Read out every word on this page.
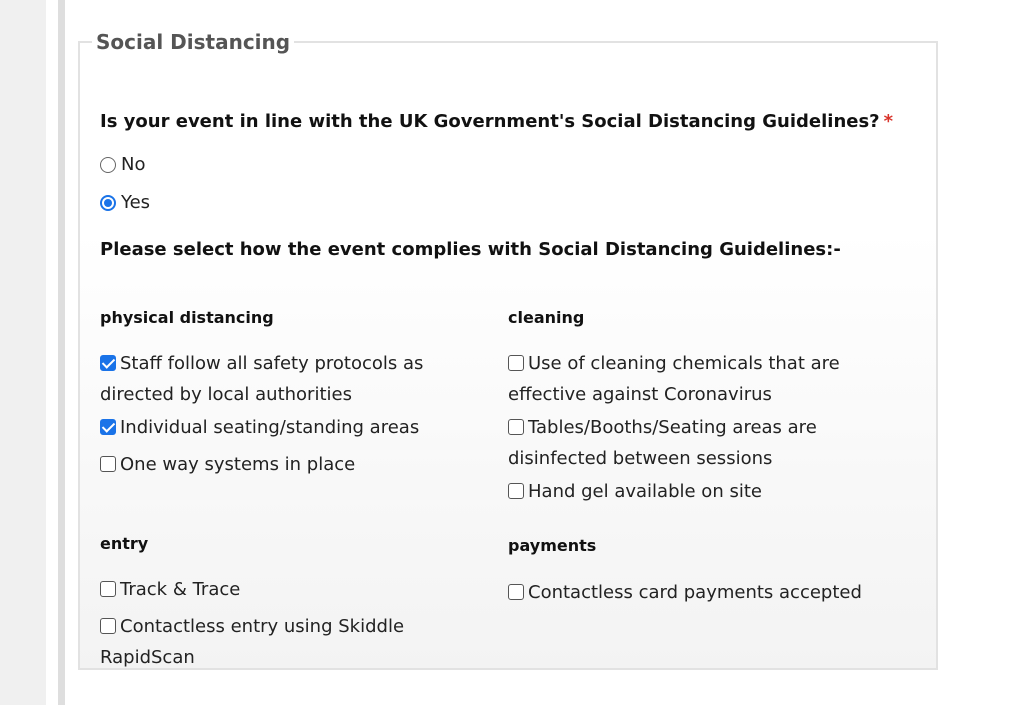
Social Distancing
Is your event in line with the UK Government's Social Distancing Guidelines? *
No
Yes
Please select how the event complies with Social Distancing Guidelines:-
physical distancing
Staff follow all safety protocols as directed by local authorities
Individual seating/standing areas
One way systems in place
cleaning
Use of cleaning chemicals that are effective against Coronavirus
Tables/Booths/Seating areas are disinfected between sessions
Hand gel available on site
entry
Track & Trace
Contactless entry using Skiddle RapidScan
payments
Contactless card payments accepted
